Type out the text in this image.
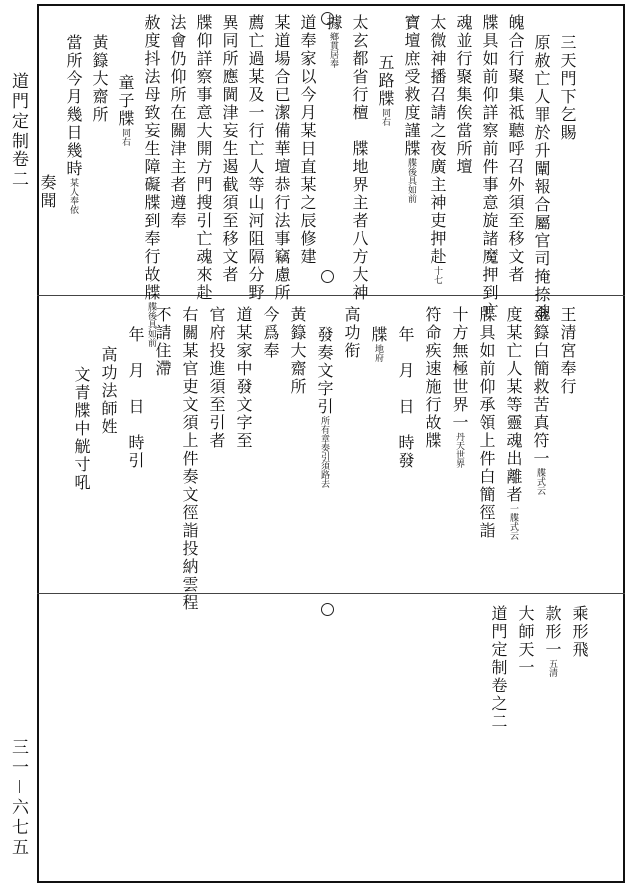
道門定制
卷二
三一－六七五
三天門下乞賜
原赦亡人罪於升闡報合屬官司掩捺魂
魄合行聚集祗聽呼召外須至移文者
牒具如前仰詳察前件事意旋諸魔押到亡
魂並行聚集俟當所壇
太微神播召請之夜廣主神吏押赴十七
寶壇庶受救度謹牒牒後具如前
五路牒同右
太玄都省行檀　牒地界主者八方大神
據鄉貫居奉
道奉家以今月某日直某之辰修建
某道場合已潔備華壇恭行法事竊慮所
薦亡過某及一行亡人等山河阻隔分野
異同所應閫津妄生遏截須至移文者
牒仰詳察事意大開方門搜引亡魂來赴
法會仍仰所在關津主者遵奉
赦度抖法母致妄生障礙牒到奉行故牒牒後具如前
童子牒同右
黃籙大齋所
當所今月幾日幾時某人奉依
奏聞
王清宮奉行
金籙白簡救苦真符一牒式云
度某亡人某等靈魂出離者一牒式云
牒具如前仰承領上件白簡徑詣
十方無極世界一丹天世界
符命疾速施行故牒
年　月　日　時發
牒地府
高功衔
發奏文字引所有章奏引須路去
黃籙大齋所
今爲奉
道某家中發文字至
官府投進須至引者
右關某官吏文須上件奏文徑詣投納雲程
不請住滯
年　月　日　時引
高功法師姓
文青牒中觥寸吼
乘形飛
款形一五清
大師天一
道門定制卷之二
